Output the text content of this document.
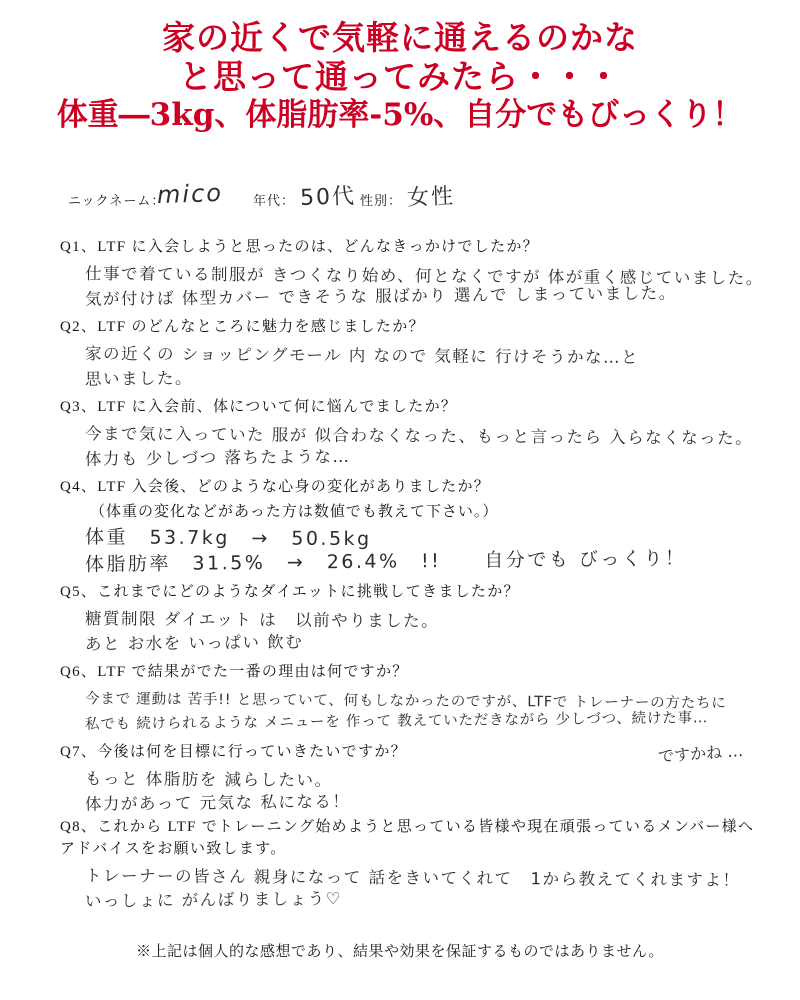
家の近くで気軽に通えるのかな
と思って通ってみたら・・・
体重―3kg、体脂肪率-5%、自分でもびっくり！
ニックネーム：
mico 年代： 50代 性別： 女性
Q1、LTF に入会しようと思ったのは、どんなきっかけでしたか？
仕事で着ている制服が きつくなり始め、何となくですが 体が重く感じていました。
気が付けば 体型カバー できそうな 服ばかり 選んで しまっていました。
Q2、LTF のどんなところに魅力を感じましたか？
家の近くの ショッピングモール 内 なので 気軽に 行けそうかな…と
思いました。
Q3、LTF に入会前、体について何に悩んでましたか？
今まで気に入っていた 服が 似合わなくなった、もっと言ったら 入らなくなった。
体力も 少しづつ 落ちたような…
Q4、LTF 入会後、どのような心身の変化がありましたか？
（体重の変化などがあった方は数値でも教えて下さい。）
体重　53.7kg　→　50.5kg
体脂肪率　31.5%　→　26.4%　!!　　自分でも びっくり！
Q5、これまでにどのようなダイエットに挑戦してきましたか？
糖質制限 ダイエット は　以前やりました。
あと お水を いっぱい 飲む
Q6、LTF で結果がでた一番の理由は何ですか？
今まで 運動は 苦手!! と思っていて、何もしなかったのですが、LTFで トレーナーの方たちに
私でも 続けられるような メニューを 作って 教えていただきながら 少しづつ、続けた事…
ですかね …
Q7、今後は何を目標に行っていきたいですか？
もっと 体脂肪を 減らしたい。
体力があって 元気な 私になる！
Q8、これから LTF でトレーニング始めようと思っている皆様や現在頑張っているメンバー様へアドバイスをお願い致します。
トレーナーの皆さん 親身になって 話をきいてくれて　1から教えてくれますよ！
いっしょに がんばりましょう♡
※上記は個人的な感想であり、結果や効果を保証するものではありません。
